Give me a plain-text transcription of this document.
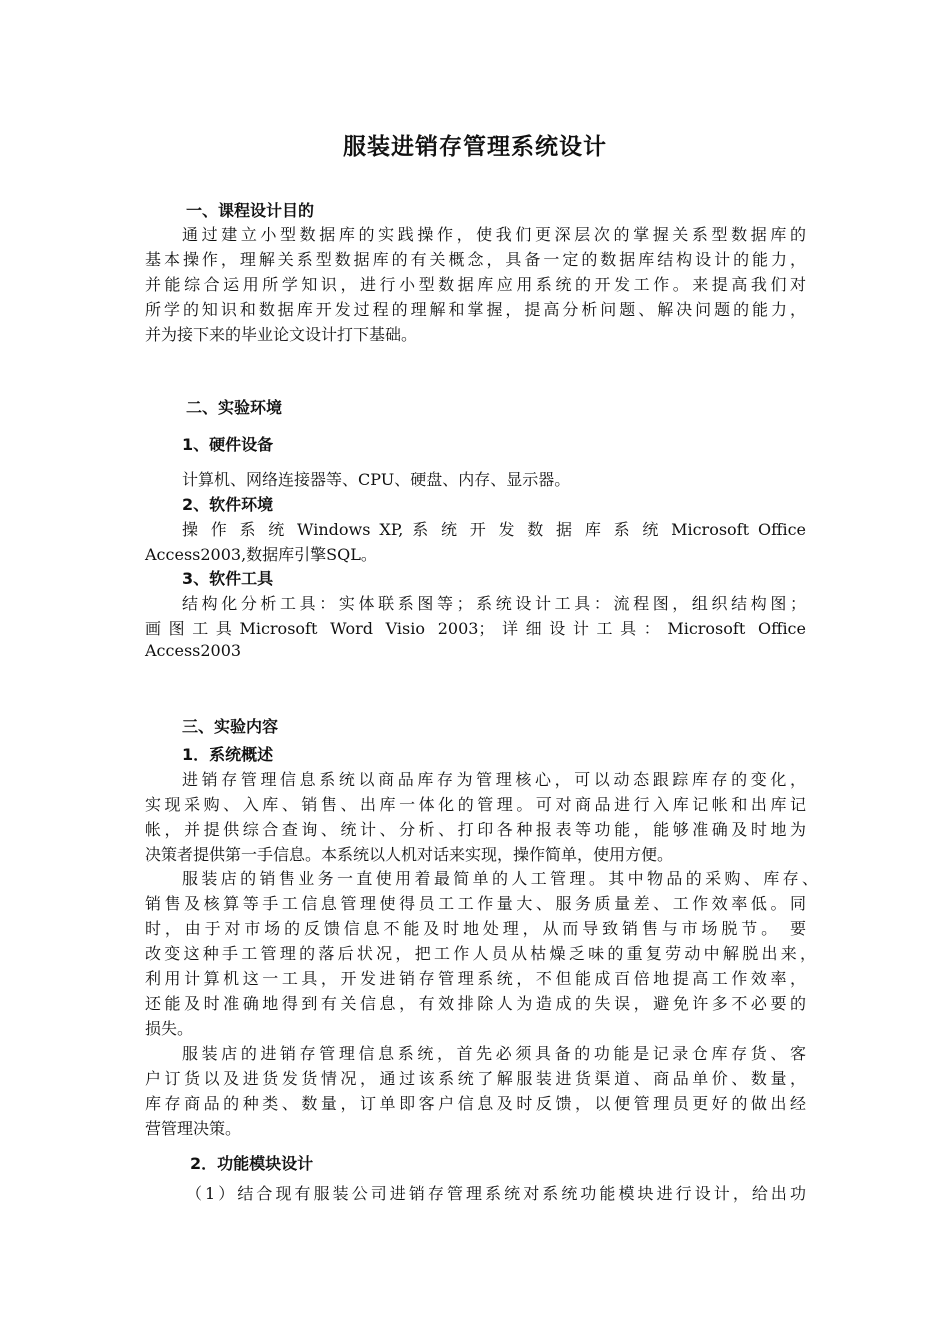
服装进销存管理系统设计
一、课程设计目的

通过建立小型数据库的实践操作，使我们更深层次的掌握关系型数据库的

基本操作，理解关系型数据库的有关概念，具备一定的数据库结构设计的能力，

并能综合运用所学知识，进行小型数据库应用系统的开发工作。来提高我们对

所学的知识和数据库开发过程的理解和掌握，提高分析问题、解决问题的能力，

并为接下来的毕业论文设计打下基础。

二、实验环境
1、硬件设备

计算机、网络连接器等、CPU、硬盘、内存、显示器。

2、软件环境

操 作 系 统 Windows XP, 系 统 开 发 数 据 库 系 统 Microsoft Office

Access2003,数据库引擎SQL。

3、软件工具

结构化分析工具：实体联系图等；系统设计工具：流程图，组织结构图；

画图工具Microsoft Word Visio 2003；详细设计工具：Microsoft Office

Access2003

三、实验内容
1．系统概述

进销存管理信息系统以商品库存为管理核心，可以动态跟踪库存的变化，

实现采购、入库、销售、出库一体化的管理。可对商品进行入库记帐和出库记

帐，并提供综合查询、统计、分析、打印各种报表等功能，能够准确及时地为

决策者提供第一手信息。本系统以人机对话来实现，操作简单，使用方便。

服装店的销售业务一直使用着最简单的人工管理。其中物品的采购、库存、

销售及核算等手工信息管理使得员工工作量大、服务质量差、工作效率低。同

时，由于对市场的反馈信息不能及时地处理，从而导致销售与市场脱节。 要

改变这种手工管理的落后状况，把工作人员从枯燥乏味的重复劳动中解脱出来，

利用计算机这一工具，开发进销存管理系统，不但能成百倍地提高工作效率，

还能及时准确地得到有关信息，有效排除人为造成的失误，避免许多不必要的

损失。

服装店的进销存管理信息系统，首先必须具备的功能是记录仓库存货、客

户订货以及进货发货情况，通过该系统了解服装进货渠道、商品单价、数量，

库存商品的种类、数量，订单即客户信息及时反馈，以便管理员更好的做出经

营管理决策。

2．功能模块设计

（1）结合现有服装公司进销存管理系统对系统功能模块进行设计，给出功
